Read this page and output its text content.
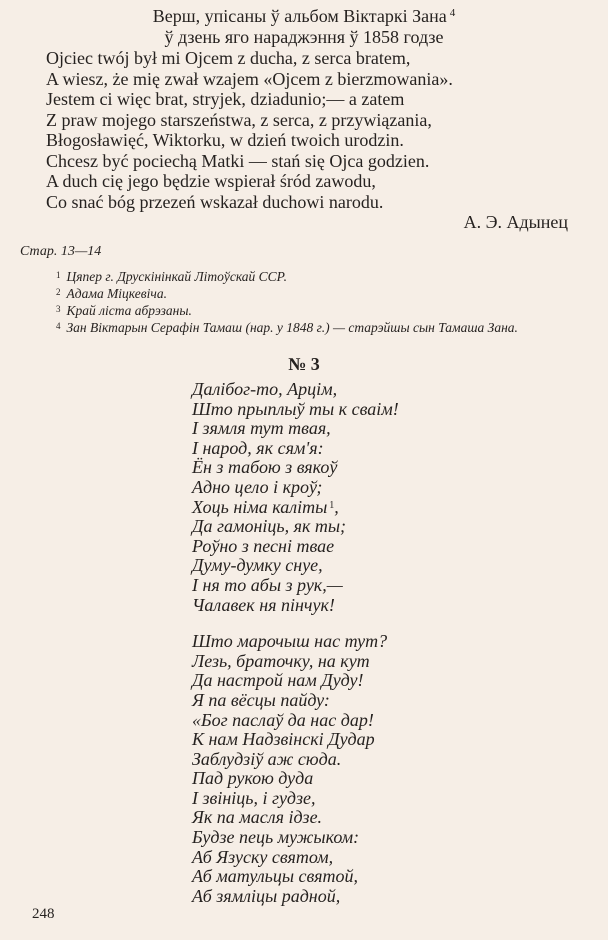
Верш, упісаны ў альбом Віктаркі Зана $^4$
ў дзень яго нараджэння ў 1858 годзе
Ojciec twój był mi Ojcem z ducha, z serca bratem,
A wiesz, że mię zwał wzajem «Ojcem z bierzmowania».
Jestem ci więc brat, stryjek, dziadunio;— a zatem
Z praw mojego starszeństwa, z serca, z przywiązania,
Błogosławięć, Wiktorku, w dzień twoich urodzin.
Chcesz być pociechą Matki — stań się Ojca godzien.
A duch cię jego będzie wspierał śród zawodu,
Co snać bóg przezeń wskazał duchowi narodu.
А. Э. Адынец
Стар. 13—14
$^1$ Цяпер г. Друскінінкай Літоўскай ССР.
$^2$ Адама Міцкевіча.
$^3$ Край ліста абрэзаны.
$^4$ Зан Віктарын Серафін Тамаш (нар. у 1848 г.) — старэйшы сын Тамаша Зана.
№ 3
Далібог-то, Арцім,
Што прыплыў ты к сваім!
І зямля тут твая,
І народ, як сям'я:
Ён з табою з вякоў
Адно цело і кроў;
Хоць німа каліты $^1$,
Да гамоніць, як ты;
Роўно з песні тваe
Думу-думку снуе,
І ня то абы з рук,—
Чалавек ня пінчук!
Што марочыш нас тут?
Лезь, браточку, на кут
Да настрой нам Дуду!
Я па вёсцы пайду:
«Бог паслаў да нас дар!
К нам Надзвінскі Дудар
Заблудзіў аж сюда.
Пад рукою дуда
І звініць, і гудзе,
Як па масля ідзе.
Будзе пець мужыком:
Аб Язуску святом,
Аб матульцы святой,
Аб зямліцы радной,
248
